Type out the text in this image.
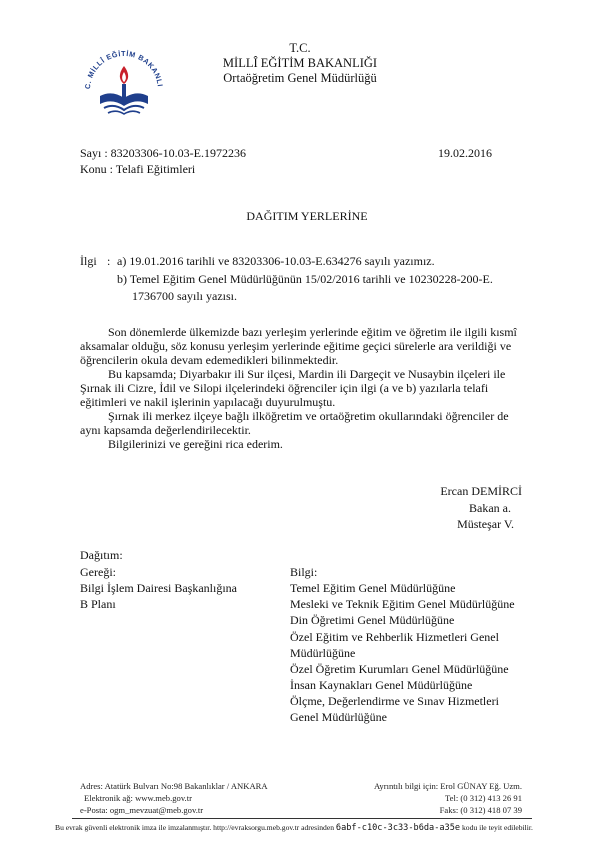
C. MİLLÎ EĞİTİM BAKANLI
T.C.
MİLLÎ EĞİTİM BAKANLIĞI
Ortaöğretim Genel Müdürlüğü
Sayı : 83203306-10.03-E.1972236	19.02.2016
Konu : Telafi Eğitimleri
DAĞITIM YERLERİNE
İlgi : a) 19.01.2016 tarihli ve 83203306-10.03-E.634276 sayılı yazımız.
b) Temel Eğitim Genel Müdürlüğünün 15/02/2016 tarihli ve 10230228-200-E.
1736700 sayılı yazısı.
Son dönemlerde ülkemizde bazı yerleşim yerlerinde eğitim ve öğretim ile ilgili kısmî
aksamalar olduğu, söz konusu yerleşim yerlerinde eğitime geçici sürelerle ara verildiği ve
öğrencilerin okula devam edemedikleri bilinmektedir.
Bu kapsamda; Diyarbakır ili Sur ilçesi, Mardin ili Dargeçit ve Nusaybin ilçeleri ile
Şırnak ili Cizre, İdil ve Silopi ilçelerindeki öğrenciler için ilgi (a ve b) yazılarla telafi
eğitimleri ve nakil işlerinin yapılacağı duyurulmuştu.
Şırnak ili merkez ilçeye bağlı ilköğretim ve ortaöğretim okullarındaki öğrenciler de
aynı kapsamda değerlendirilecektir.
Bilgilerinizi ve gereğini rica ederim.
Ercan DEMİRCİ
Bakan a.
Müsteşar V.
Dağıtım:
Gereği:
Bilgi İşlem Dairesi Başkanlığına
B Planı
Bilgi:
Temel Eğitim Genel Müdürlüğüne
Mesleki ve Teknik Eğitim Genel Müdürlüğüne
Din Öğretimi Genel Müdürlüğüne
Özel Eğitim ve Rehberlik Hizmetleri Genel
Müdürlüğüne
Özel Öğretim Kurumları Genel Müdürlüğüne
İnsan Kaynakları Genel Müdürlüğüne
Ölçme, Değerlendirme ve Sınav Hizmetleri
Genel Müdürlüğüne
Adres: Atatürk Bulvarı No:98 Bakanlıklar / ANKARA
Elektronik ağ: www.meb.gov.tr
e-Posta: ogm_mevzuat@meb.gov.tr
Ayrıntılı bilgi için: Erol GÜNAY Eğ. Uzm.
Tel: (0 312) 413 26 91
Faks: (0 312) 418 07 39
Bu evrak güvenli elektronik imza ile imzalanmıştır. http://evraksorgu.meb.gov.tr adresinden 6abf-c10c-3c33-b6da-a35e kodu ile teyit edilebilir.
